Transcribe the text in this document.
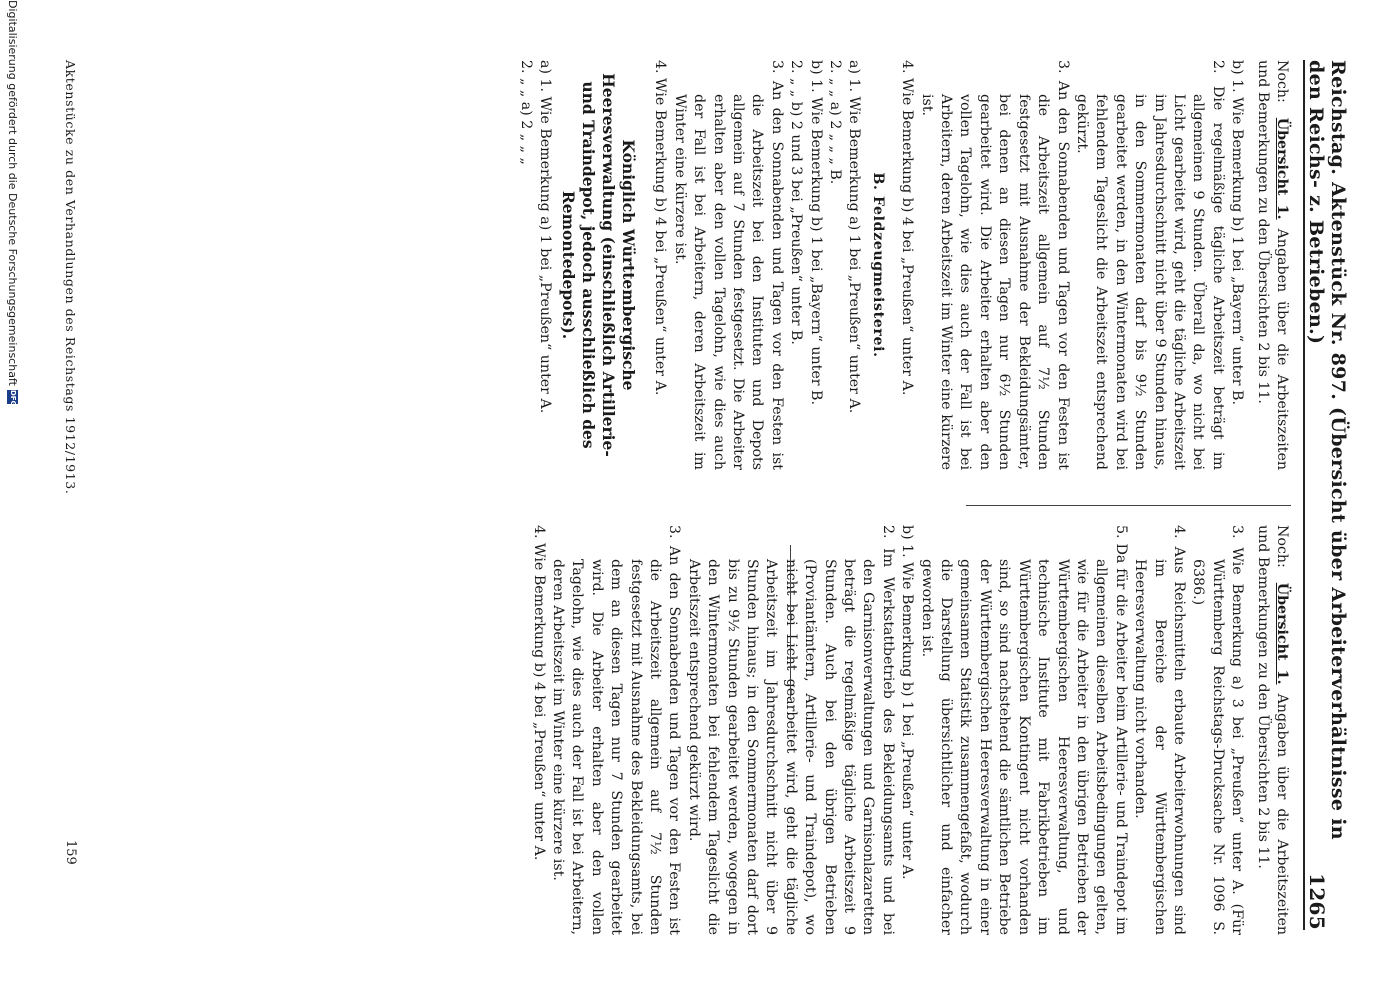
Reichstag. Aktenstück Nr. 897. (Übersicht über Arbeiterverhältnisse in den Reichs- z. Betrieben.)
1265

Noch: Übersicht 1. Angaben über die Arbeitszeiten und Bemerkungen zu den Übersichten 2 bis 11.

b) 1. Wie Bemerkung b) 1 bei „Bayern“ unter B.

2. Die regelmäßige tägliche Arbeitszeit beträgt im allgemeinen 9 Stunden. Überall da, wo nicht bei Licht gearbeitet wird, geht die tägliche Arbeitszeit im Jahresdurchschnitt nicht über 9 Stunden hinaus, in den Sommermonaten darf bis 9½ Stunden gearbeitet werden, in den Wintermonaten wird bei fehlendem Tageslicht die Arbeitszeit entsprechend gekürzt.

3. An den Sonnabenden und Tagen vor den Festen ist die Arbeitszeit allgemein auf 7½ Stunden festgesetzt mit Ausnahme der Bekleidungsämter, bei denen an diesen Tagen nur 6½ Stunden gearbeitet wird. Die Arbeiter erhalten aber den vollen Tagelohn, wie dies auch der Fall ist bei Arbeitern, deren Arbeitszeit im Winter eine kürzere ist.

4. Wie Bemerkung b) 4 bei „Preußen“ unter A.

B. Feldzeugmeisterei.

a) 1. Wie Bemerkung a) 1 bei „Preußen“ unter A.

2. „ „ a) 2 „ „ „ B.

b) 1. Wie Bemerkung b) 1 bei „Bayern“ unter B.

2. „ „ b) 2 und 3 bei „Preußen“ unter B.

3. An den Sonnabenden und Tagen vor den Festen ist die Arbeitszeit bei den Instituten und Depots allgemein auf 7 Stunden festgesetzt. Die Arbeiter erhalten aber den vollen Tagelohn, wie dies auch der Fall ist bei Arbeitern, deren Arbeitszeit im Winter eine kürzere ist.

4. Wie Bemerkung b) 4 bei „Preußen“ unter A.

Königlich Württembergische Heeresverwaltung (einschließlich Artillerie- und Traindepot, jedoch ausschließlich des Remontedepots).

a) 1. Wie Bemerkung a) 1 bei „Preußen“ unter A.

2. „ „ a) 2 „ „ „

Noch: Übersicht 1. Angaben über die Arbeitszeiten und Bemerkungen zu den Übersichten 2 bis 11.

3. Wie Bemerkung a) 3 bei „Preußen“ unter A. (Für Württemberg Reichstags-Drucksache Nr. 1096 S. 6386.)

4. Aus Reichsmitteln erbaute Arbeiterwohnungen sind im Bereiche der Württembergischen Heeresverwaltung nicht vorhanden.

5. Da für die Arbeiter beim Artillerie- und Traindepot im allgemeinen dieselben Arbeitsbedingungen gelten, wie für die Arbeiter in den übrigen Betrieben der Württembergischen Heeresverwaltung, und technische Institute mit Fabrikbetrieben im Württembergischen Kontingent nicht vorhanden sind, so sind nachstehend die sämtlichen Betriebe der Württembergischen Heeresverwaltung in einer gemeinsamen Statistik zusammengefaßt, wodurch die Darstellung übersichtlicher und einfacher geworden ist.

b) 1. Wie Bemerkung b) 1 bei „Preußen“ unter A.

2. Im Werkstattbetrieb des Bekleidungsamts und bei den Garnisonverwaltungen und Garnisonlazaretten beträgt die regelmäßige tägliche Arbeitszeit 9 Stunden. Auch bei den übrigen Betrieben (Proviantämtern, Artillerie- und Traindepot), wo nicht bei Licht gearbeitet wird, geht die tägliche Arbeitszeit im Jahresdurchschnitt nicht über 9 Stunden hinaus; in den Sommermonaten darf dort bis zu 9½ Stunden gearbeitet werden, wogegen in den Wintermonaten bei fehlendem Tageslicht die Arbeitszeit entsprechend gekürzt wird.

3. An den Sonnabenden und Tagen vor den Festen ist die Arbeitszeit allgemein auf 7½ Stunden festgesetzt mit Ausnahme des Bekleidungsamts, bei dem an diesen Tagen nur 7 Stunden gearbeitet wird. Die Arbeiter erhalten aber den vollen Tagelohn, wie dies auch der Fall ist bei Arbeitern, deren Arbeitszeit im Winter eine kürzere ist.

4. Wie Bemerkung b) 4 bei „Preußen“ unter A.

Aktenstücke zu den Verhandlungen des Reichstags 1912/1913.
159
Digitalisierung gefördert durch die Deutsche Forschungsgemeinschaft
DFG
